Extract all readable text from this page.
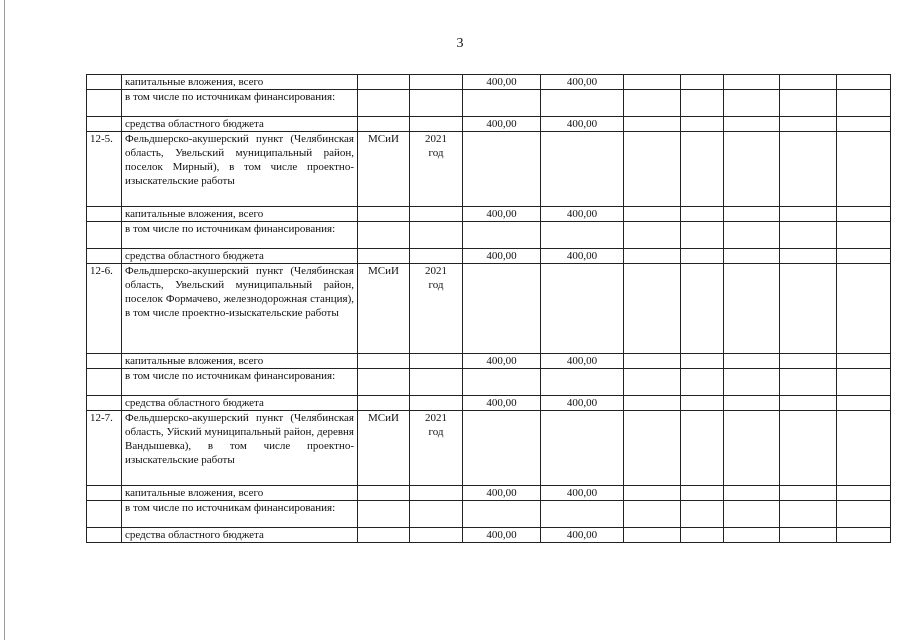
3
	капитальные вложения, всего			400,00	400,00					
	в том числе по источникам финансирования:									
	средства областного бюджета			400,00	400,00					
12-5.	Фельдшерско-акушерский пункт (Челябинская область, Увельский муниципальный район, поселок Мирный), в том числе проектно-изыскательские работы	МСиИ	2021
год							
	капитальные вложения, всего			400,00	400,00					
	в том числе по источникам финансирования:									
	средства областного бюджета			400,00	400,00					
12-6.	Фельдшерско-акушерский пункт (Челябинская область, Увельский муниципальный район, поселок Формачево, железнодорожная станция), в том числе проектно-изыскательские работы	МСиИ	2021
год							
	капитальные вложения, всего			400,00	400,00					
	в том числе по источникам финансирования:									
	средства областного бюджета			400,00	400,00					
12-7.	Фельдшерско-акушерский пункт (Челябинская область, Уйский муниципальный район, деревня Вандышевка), в том числе проектно-изыскательские работы	МСиИ	2021
год							
	капитальные вложения, всего			400,00	400,00					
	в том числе по источникам финансирования:									
	средства областного бюджета			400,00	400,00					
